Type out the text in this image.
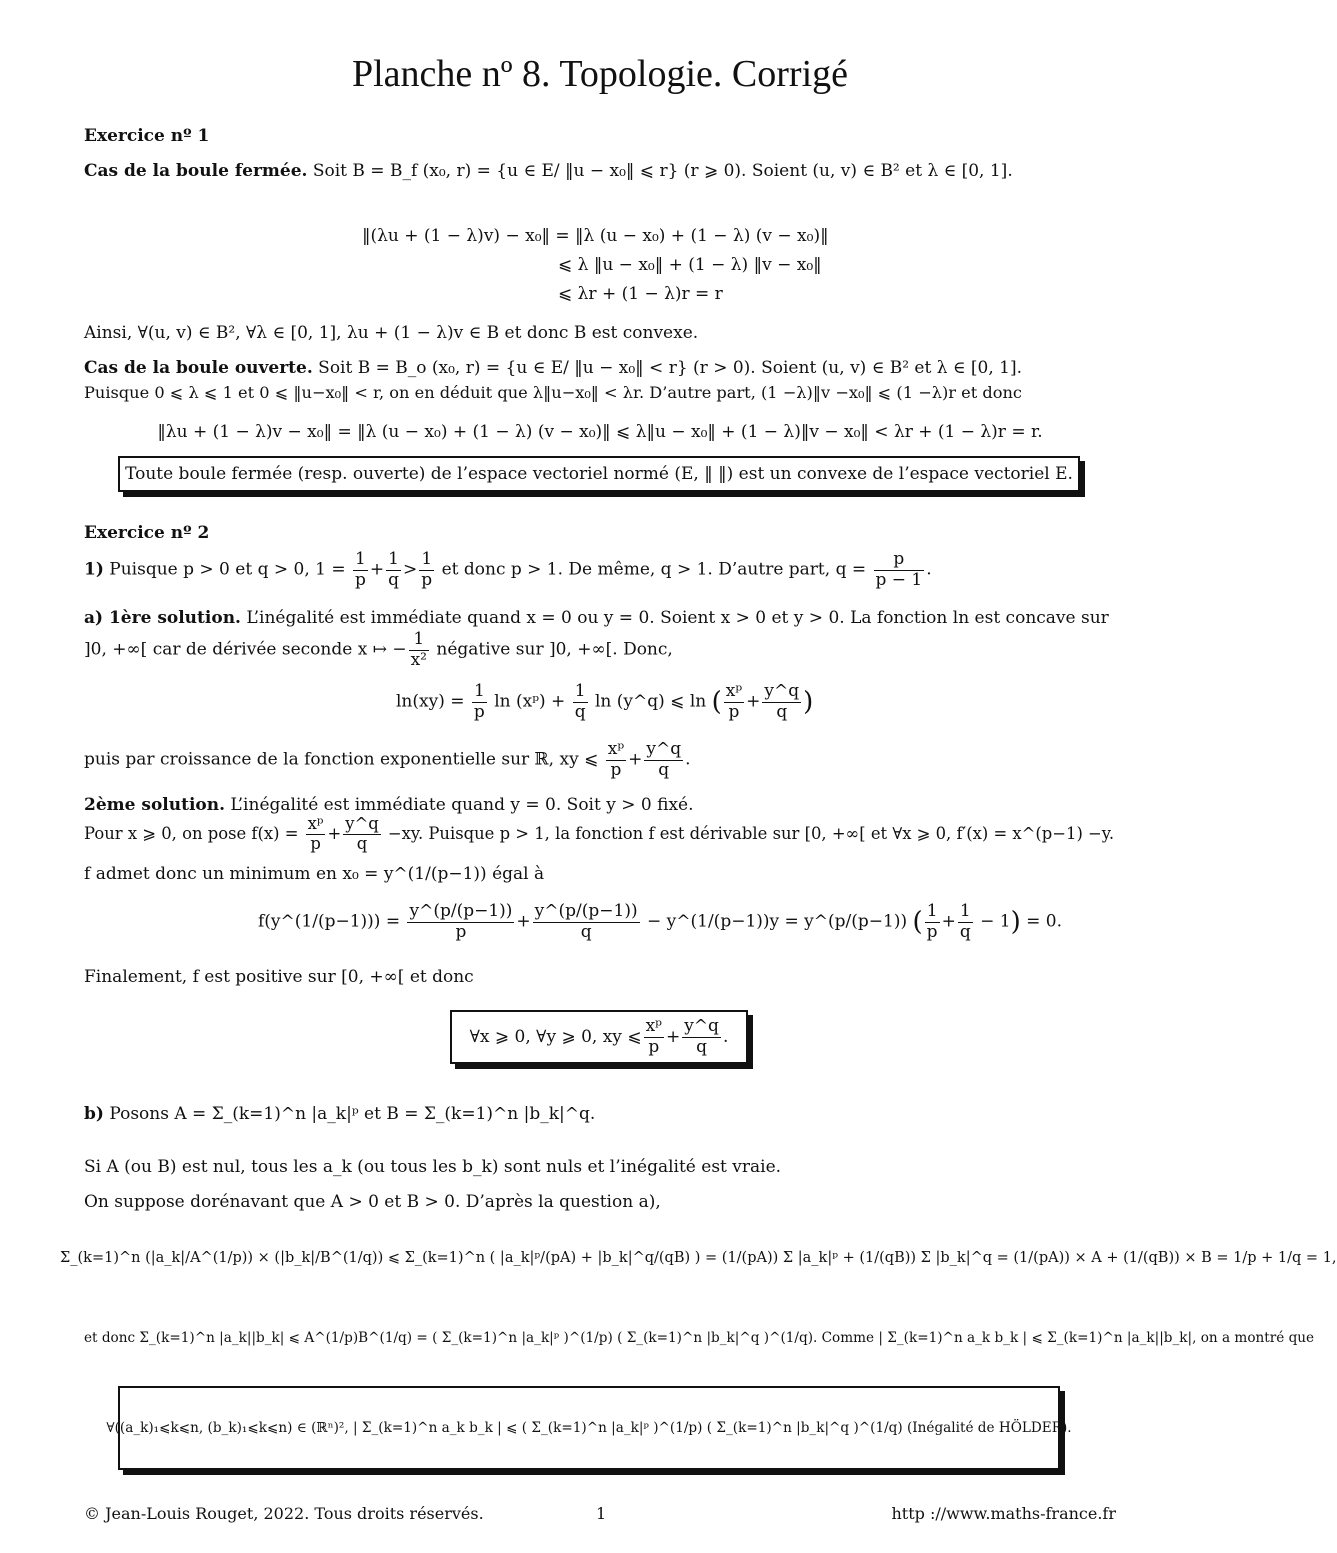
Planche nº 8. Topologie. Corrigé
Exercice nº 1
Cas de la boule fermée. Soit B = B_f (x₀, r) = {u ∈ E/ ‖u − x₀‖ ⩽ r} (r ⩾ 0). Soient (u, v) ∈ B² et λ ∈ [0, 1].
‖(λu + (1 − λ)v) − x₀‖ = ‖λ (u − x₀) + (1 − λ) (v − x₀)‖
⩽ λ ‖u − x₀‖ + (1 − λ) ‖v − x₀‖
⩽ λr + (1 − λ)r = r
Ainsi, ∀(u, v) ∈ B², ∀λ ∈ [0, 1], λu + (1 − λ)v ∈ B et donc B est convexe.
Cas de la boule ouverte. Soit B = B_o (x₀, r) = {u ∈ E/ ‖u − x₀‖ < r} (r > 0). Soient (u, v) ∈ B² et λ ∈ [0, 1].
Puisque 0 ⩽ λ ⩽ 1 et 0 ⩽ ‖u−x₀‖ < r, on en déduit que λ‖u−x₀‖ < λr. D’autre part, (1 −λ)‖v −x₀‖ ⩽ (1 −λ)r et donc
‖λu + (1 − λ)v − x₀‖ = ‖λ (u − x₀) + (1 − λ) (v − x₀)‖ ⩽ λ‖u − x₀‖ + (1 − λ)‖v − x₀‖ < λr + (1 − λ)r = r.
Toute boule fermée (resp. ouverte) de l’espace vectoriel normé (E, ‖ ‖) est un convexe de l’espace vectoriel E.
Exercice nº 2
1) Puisque p > 0 et q > 0, $1 = \frac{1}{p} + \frac{1}{q} > \frac{1}{p}$ et donc p > 1. De même, q > 1. D’autre part, $q = \frac{p}{p - 1}$ .
a) 1ère solution. L’inégalité est immédiate quand x = 0 ou y = 0. Soient x > 0 et y > 0. La fonction ln est concave sur
]0, +∞[ car de dérivée seconde x ↦ − $\frac{1}{\text{x²}}$ négative sur ]0, +∞[. Donc,
$\ln(xy) = \frac{1}{p}$ ln (xᵖ) + $\frac{1}{q}$ ln (y^q) ⩽ ln ( $\frac{\text{xᵖ}}{p} + \frac{y\^{}q}{q}$ )
puis par croissance de la fonction exponentielle sur ℝ, xy ⩽ $\frac{\text{xᵖ}}{p} + \frac{y\^{}q}{q}$ .
2ème solution. L’inégalité est immédiate quand y = 0. Soit y > 0 fixé.
Pour x ⩾ 0, on pose $f(x) = \frac{\text{xᵖ}}{p} + \frac{y\^{}q}{q} -xy$. Puisque p > 1, la fonction f est dérivable sur [0, +∞[ et ∀x ⩾ 0, f′(x) = x^(p−1) −y.
f admet donc un minimum en x₀ = y^(1/(p−1)) égal à
f(y^(1/(p−1))) = $\frac{y\^{}(p/(p-1))}{p} + \frac{y\^{}(p/(p-1))}{q}$ − y^(1/(p−1))y = y^(p/(p−1)) ( $\frac{1}{p} + \frac{1}{q} - 1) = 0$.
Finalement, f est positive sur [0, +∞[ et donc
∀x ⩾ 0, ∀y ⩾ 0, xy ⩽ $\frac{\text{xᵖ}}{p} + \frac{y\^{}q}{q}$ .
b) Posons A = Σ_(k=1)^n |a_k|ᵖ et B = Σ_(k=1)^n |b_k|^q.
Si A (ou B) est nul, tous les a_k (ou tous les b_k) sont nuls et l’inégalité est vraie.
On suppose dorénavant que A > 0 et B > 0. D’après la question a),
Σ_(k=1)^n (|a_k|/A^(1/p)) × (|b_k|/B^(1/q)) ⩽ Σ_(k=1)^n ( |a_k|ᵖ/(pA) + |b_k|^q/(qB) ) = (1/(pA)) Σ |a_k|ᵖ + (1/(qB)) Σ |b_k|^q = (1/(pA)) × A + (1/(qB)) × B = 1/p + 1/q = 1,
et donc Σ_(k=1)^n |a_k||b_k| ⩽ A^(1/p)B^(1/q) = ( Σ_(k=1)^n |a_k|ᵖ )^(1/p) ( Σ_(k=1)^n |b_k|^q )^(1/q). Comme | Σ_(k=1)^n a_k b_k | ⩽ Σ_(k=1)^n |a_k||b_k|, on a montré que
∀((a_k)₁⩽k⩽n, (b_k)₁⩽k⩽n) ∈ (ℝⁿ)², | Σ_(k=1)^n a_k b_k | ⩽ ( Σ_(k=1)^n |a_k|ᵖ )^(1/p) ( Σ_(k=1)^n |b_k|^q )^(1/q) (Inégalité de HÖLDER).
© Jean-Louis Rouget, 2022. Tous droits réservés.	1	http ://www.maths-france.fr
